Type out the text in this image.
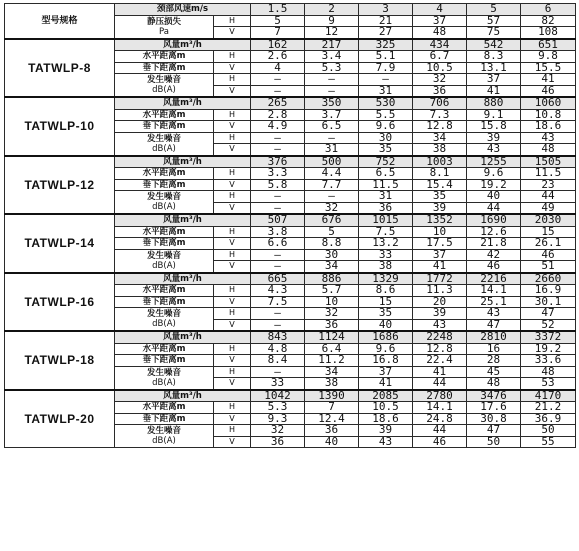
型号规格	颈部风速m/s		1.5	2	3	4	5	6
	静压损失
Pa	H	5	9	21	37	57	82
		V	7	12	27	48	75	108
TATWLP-8	风量m³/h		162	217	325	434	542	651
	水平距离m	H	2.6	3.4	5.1	6.7	8.3	9.8
	垂下距离m	V	4	5.3	7.9	10.5	13.1	15.5
	发生噪音
dB(A)	H	–	–	–	32	37	41
		V	–	–	31	36	41	46
TATWLP-10	风量m³/h		265	350	530	706	880	1060
	水平距离m	H	2.8	3.7	5.5	7.3	9.1	10.8
	垂下距离m	V	4.9	6.5	9.6	12.8	15.8	18.6
	发生噪音
dB(A)	H	–	–	30	34	39	43
		V	–	31	35	38	43	48
TATWLP-12	风量m³/h		376	500	752	1003	1255	1505
	水平距离m	H	3.3	4.4	6.5	8.1	9.6	11.5
	垂下距离m	V	5.8	7.7	11.5	15.4	19.2	23
	发生噪音
dB(A)	H	–	–	31	35	40	44
		V	–	32	36	39	44	49
TATWLP-14	风量m³/h		507	676	1015	1352	1690	2030
	水平距离m	H	3.8	5	7.5	10	12.6	15
	垂下距离m	V	6.6	8.8	13.2	17.5	21.8	26.1
	发生噪音
dB(A)	H	–	30	33	37	42	46
		V	–	34	38	41	46	51
TATWLP-16	风量m³/h		665	886	1329	1772	2216	2660
	水平距离m	H	4.3	5.7	8.6	11.3	14.1	16.9
	垂下距离m	V	7.5	10	15	20	25.1	30.1
	发生噪音
dB(A)	H	–	32	35	39	43	47
		V	–	36	40	43	47	52
TATWLP-18	风量m³/h		843	1124	1686	2248	2810	3372
	水平距离m	H	4.8	6.4	9.6	12.8	16	19.2
	垂下距离m	V	8.4	11.2	16.8	22.4	28	33.6
	发生噪音
dB(A)	H	–	34	37	41	45	48
		V	33	38	41	44	48	53
TATWLP-20	风量m³/h		1042	1390	2085	2780	3476	4170
	水平距离m	H	5.3	7	10.5	14.1	17.6	21.2
	垂下距离m	V	9.3	12.4	18.6	24.8	30.8	36.9
	发生噪音
dB(A)	H	32	36	39	44	47	50
		V	36	40	43	46	50	55
